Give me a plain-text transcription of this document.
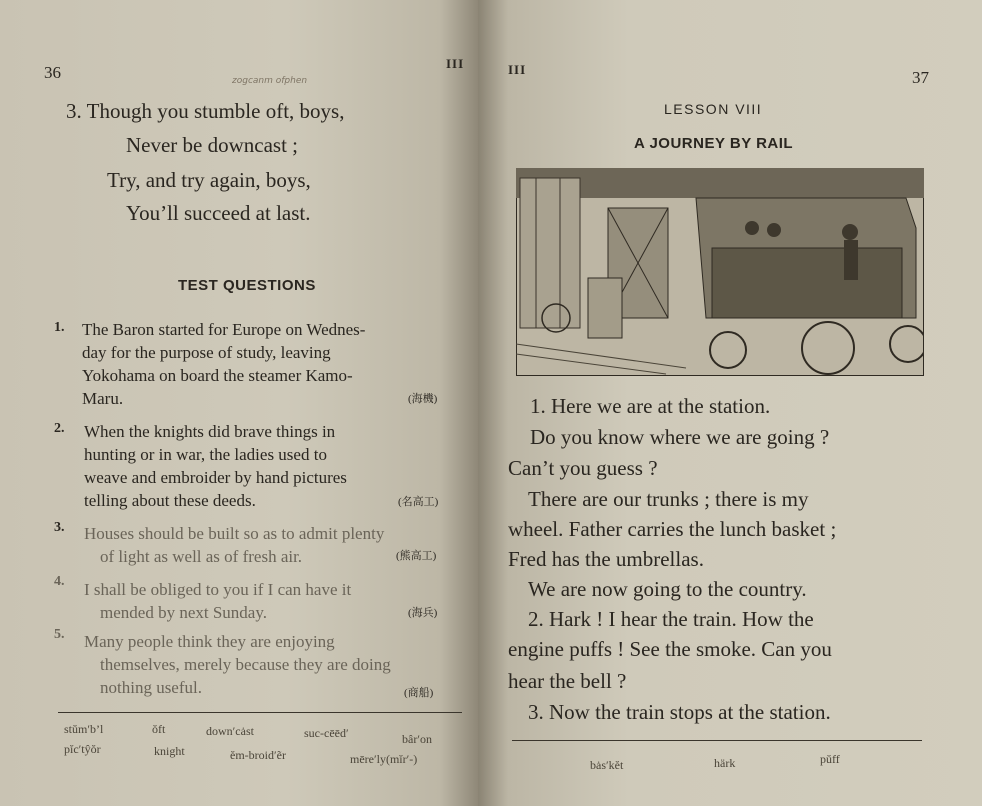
36	III
zogcanm ofphen
3. Though you stumble oft, boys,
Never be downcast ;
Try, and try again, boys,
You’ll succeed at last.
TEST QUESTIONS
1. The Baron started for Europe on Wednes-
day for the purpose of study, leaving
Yokohama on board the steamer Kamo-
Maru.	(海機)
2. When the knights did brave things in
hunting or in war, the ladies used to
weave and embroider by hand pictures
telling about these deeds.	(名高工)
3. Houses should be built so as to admit plenty
of light as well as of fresh air.	(熊高工)
4. I shall be obliged to you if I can have it
mended by next Sunday.	(海兵)
5. Many people think they are enjoying
themselves, merely because they are doing
nothing useful.	(商船)
stŭm′b’l	ŏft	down′cȧst	suc-cēēd′	bâr′on
pĭc′tŷŏr	knight	ĕm-broid′ẽr	mēre′ly(mĭr′-)
III	37
LESSON VIII
A JOURNEY BY RAIL
1. Here we are at the station.
Do you know where we are going ?
Can’t you guess ?
There are our trunks ; there is my
wheel. Father carries the lunch basket ;
Fred has the umbrellas.
We are now going to the country.
2. Hark ! I hear the train. How the
engine puffs ! See the smoke. Can you
hear the bell ?
3. Now the train stops at the station.
bȧs′kĕt	härk	pŭff
